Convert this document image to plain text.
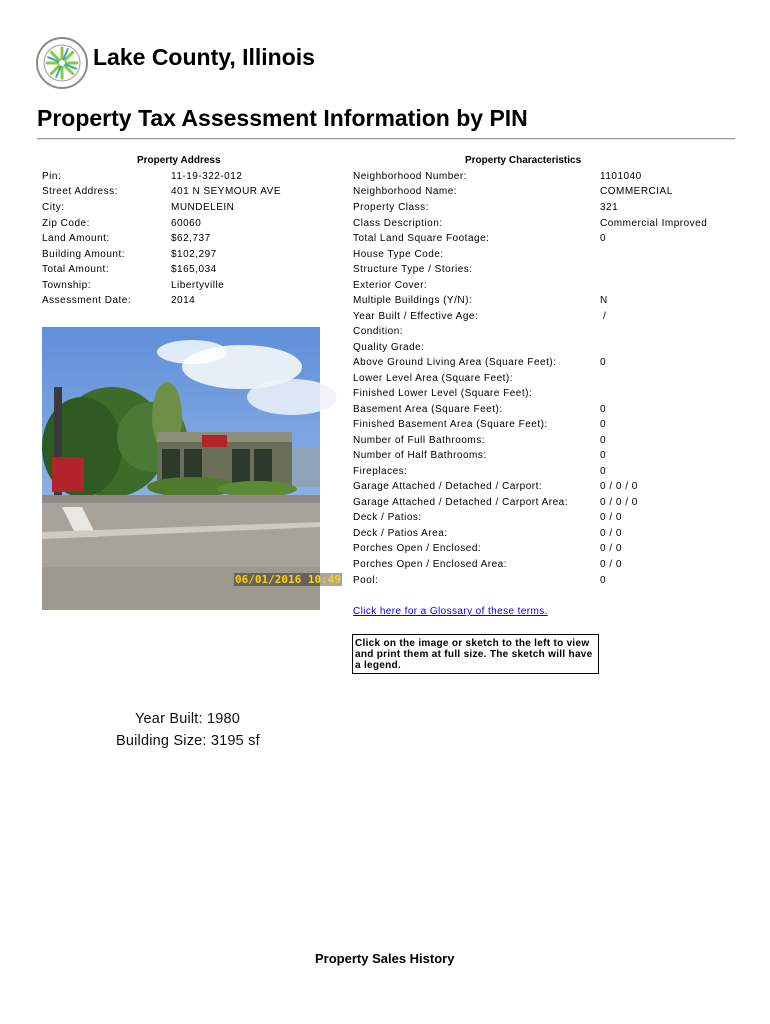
Lake County, Illinois
Property Tax Assessment Information by PIN
Property Address	Property Characteristics
Pin:	11-19-322-012
Street Address:	401 N SEYMOUR AVE
City:	MUNDELEIN
Zip Code:	60060
Land Amount:	$62,737
Building Amount:	$102,297
Total Amount:	$165,034
Township:	Libertyville
Assessment Date:	2014
Neighborhood Number:	1101040
Neighborhood Name:	COMMERCIAL
Property Class:	321
Class Description:	Commercial Improved
Total Land Square Footage:	0
House Type Code:
Structure Type / Stories:
Exterior Cover:
Multiple Buildings (Y/N):	N
Year Built / Effective Age:	/
Condition:
Quality Grade:
Above Ground Living Area (Square Feet):	0
Lower Level Area (Square Feet):
Finished Lower Level (Square Feet):
Basement Area (Square Feet):	0
Finished Basement Area (Square Feet):	0
Number of Full Bathrooms:	0
Number of Half Bathrooms:	0
Fireplaces:	0
Garage Attached / Detached / Carport:	0 / 0 / 0
Garage Attached / Detached / Carport Area:	0 / 0 / 0
Deck / Patios:	0 / 0
Deck / Patios Area:	0 / 0
Porches Open / Enclosed:	0 / 0
Porches Open / Enclosed Area:	0 / 0
Pool:	0
06/01/2016 10:49
Click here for a Glossary of these terms.
Click on the image or sketch to the left to view and print them at full size. The sketch will have a legend.
Year Built: 1980
Building Size: 3195 sf
Property Sales History
